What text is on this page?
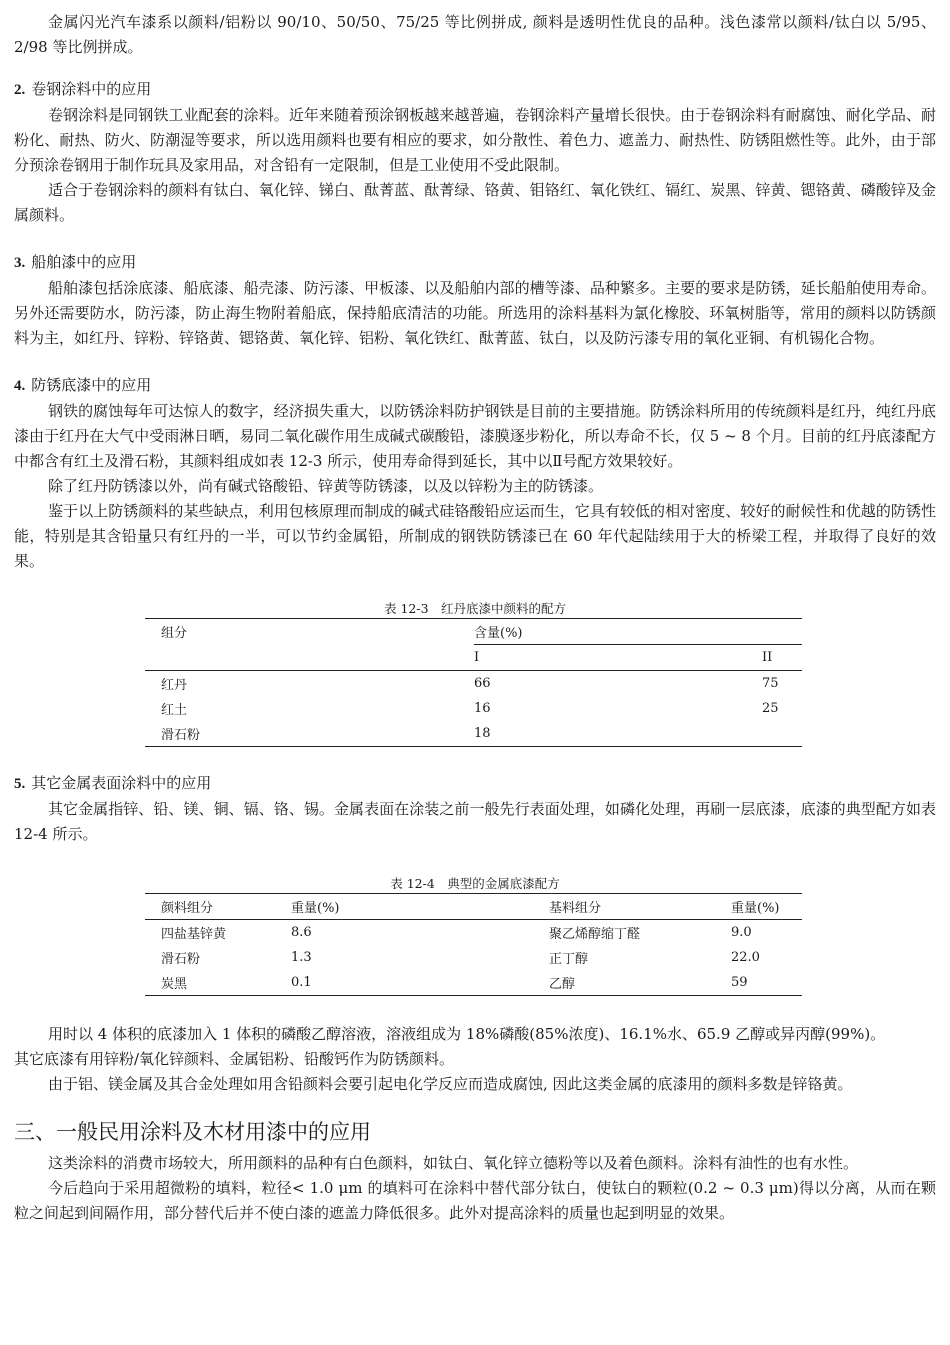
金属闪光汽车漆系以颜料/铝粉以 90/10、50/50、75/25 等比例拼成, 颜料是透明性优良的品种。浅色漆常以颜料/钛白以 5/95、2/98 等比例拼成。

2. 卷钢涂料中的应用

卷钢涂料是同钢铁工业配套的涂料。近年来随着预涂钢板越来越普遍，卷钢涂料产量增长很快。由于卷钢涂料有耐腐蚀、耐化学品、耐粉化、耐热、防火、防潮湿等要求，所以选用颜料也要有相应的要求，如分散性、着色力、遮盖力、耐热性、防锈阻燃性等。此外，由于部分预涂卷钢用于制作玩具及家用品，对含铅有一定限制，但是工业使用不受此限制。

适合于卷钢涂料的颜料有钛白、氧化锌、锑白、酞菁蓝、酞菁绿、铬黄、钼铬红、氧化铁红、镉红、炭黑、锌黄、锶铬黄、磷酸锌及金属颜料。

3. 船舶漆中的应用

船舶漆包括涂底漆、船底漆、船壳漆、防污漆、甲板漆、以及船舶内部的槽等漆、品种繁多。主要的要求是防锈，延长船舶使用寿命。另外还需要防水，防污漆，防止海生物附着船底，保持船底清洁的功能。所选用的涂料基料为氯化橡胶、环氧树脂等，常用的颜料以防锈颜料为主，如红丹、锌粉、锌铬黄、锶铬黄、氧化锌、铝粉、氧化铁红、酞菁蓝、钛白，以及防污漆专用的氧化亚铜、有机锡化合物。

4. 防锈底漆中的应用

钢铁的腐蚀每年可达惊人的数字，经济损失重大，以防锈涂料防护钢铁是目前的主要措施。防锈涂料所用的传统颜料是红丹，纯红丹底漆由于红丹在大气中受雨淋日晒，易同二氧化碳作用生成碱式碳酸铅，漆膜逐步粉化，所以寿命不长，仅 5 ~ 8 个月。目前的红丹底漆配方中都含有红土及滑石粉，其颜料组成如表 12-3 所示，使用寿命得到延长，其中以Ⅱ号配方效果较好。

除了红丹防锈漆以外，尚有碱式铬酸铅、锌黄等防锈漆，以及以锌粉为主的防锈漆。

鉴于以上防锈颜料的某些缺点，利用包核原理而制成的碱式硅铬酸铅应运而生，它具有较低的相对密度、较好的耐候性和优越的防锈性能，特别是其含铅量只有红丹的一半，可以节约金属铅，所制成的钢铁防锈漆已在 60 年代起陆续用于大的桥梁工程，并取得了良好的效果。

表 12-3　红丹底漆中颜料的配方

组分	含量(%)	
	I	II
红丹	66	75
红土	16	25
滑石粉	18	
5. 其它金属表面涂料中的应用

其它金属指锌、铅、镁、铜、镉、铬、锡。金属表面在涂装之前一般先行表面处理，如磷化处理，再刷一层底漆，底漆的典型配方如表 12-4 所示。

表 12-4　典型的金属底漆配方

颜料组分	重量(%)	基料组分	重量(%)
四盐基锌黄	8.6	聚乙烯醇缩丁醛	9.0
滑石粉	1.3	正丁醇	22.0
炭黑	0.1	乙醇	59

用时以 4 体积的底漆加入 1 体积的磷酸乙醇溶液，溶液组成为 18%磷酸(85%浓度)、16.1%水、65.9 乙醇或异丙醇(99%)。

其它底漆有用锌粉/氧化锌颜料、金属铝粉、铅酸钙作为防锈颜料。

由于铝、镁金属及其合金处理如用含铅颜料会要引起电化学反应而造成腐蚀, 因此这类金属的底漆用的颜料多数是锌铬黄。

三、一般民用涂料及木材用漆中的应用

这类涂料的消费市场较大，所用颜料的品种有白色颜料，如钛白、氧化锌立德粉等以及着色颜料。涂料有油性的也有水性。

今后趋向于采用超微粉的填料，粒径< 1.0 μm 的填料可在涂料中替代部分钛白，使钛白的颗粒(0.2 ~ 0.3 μm)得以分离，从而在颗粒之间起到间隔作用，部分替代后并不使白漆的遮盖力降低很多。此外对提高涂料的质量也起到明显的效果。
